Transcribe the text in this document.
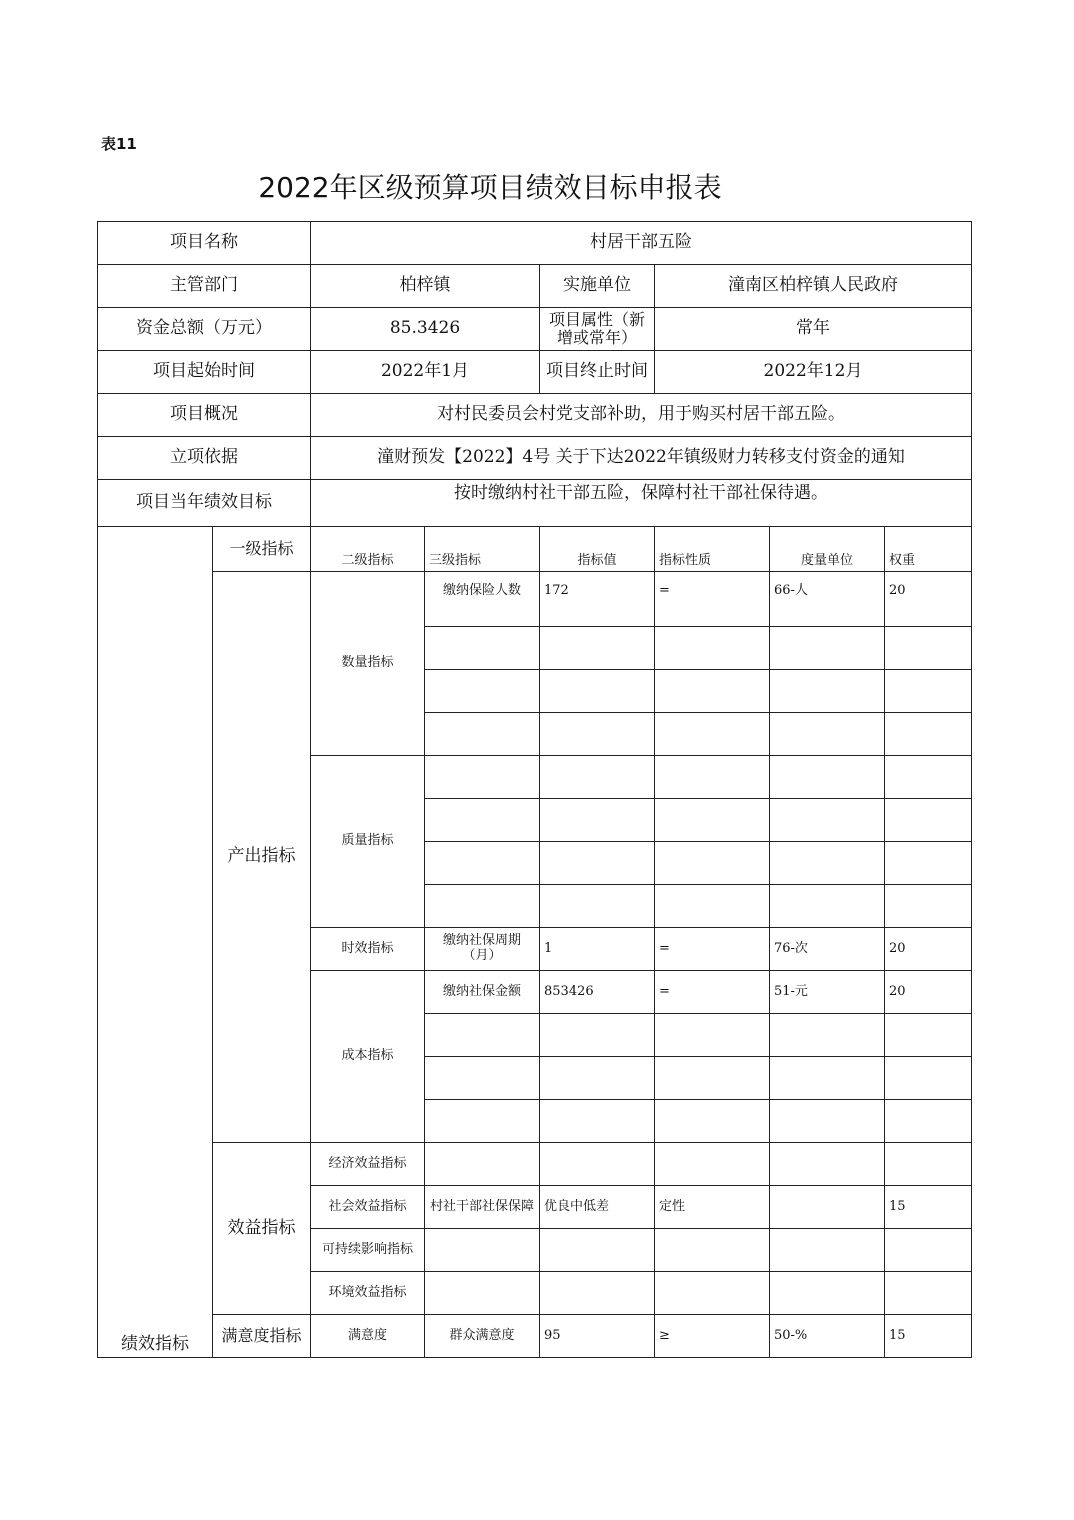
表11
2022年区级预算项目绩效目标申报表
项目名称		村居干部五险					
主管部门		柏梓镇		实施单位	潼南区柏梓镇人民政府		
资金总额（万元）		85.3426		项目属性（新增或常年）	常年		
项目起始时间		2022年1月		项目终止时间	2022年12月		
项目概况		对村民委员会村党支部补助，用于购买村居干部五险。					
立项依据		潼财预发【2022】4号 关于下达2022年镇级财力转移支付资金的通知					
项目当年绩效目标		按时缴纳村社干部五险，保障村社干部社保待遇。					
绩效指标	一级指标	二级指标	三级指标	指标值	指标性质	度量单位	权重
	产出指标	数量指标	缴纳保险人数	172	=	66-人	20

		质量指标					

		时效指标	缴纳社保周期（月）	1	=	76-次	20
		成本指标	缴纳社保金额	853426	=	51-元	20

	效益指标	经济效益指标					
		社会效益指标	村社干部社保保障	优良中低差	定性		15
		可持续影响指标					
		环境效益指标					
	满意度指标	满意度	群众满意度	95	≥	50-%	15
